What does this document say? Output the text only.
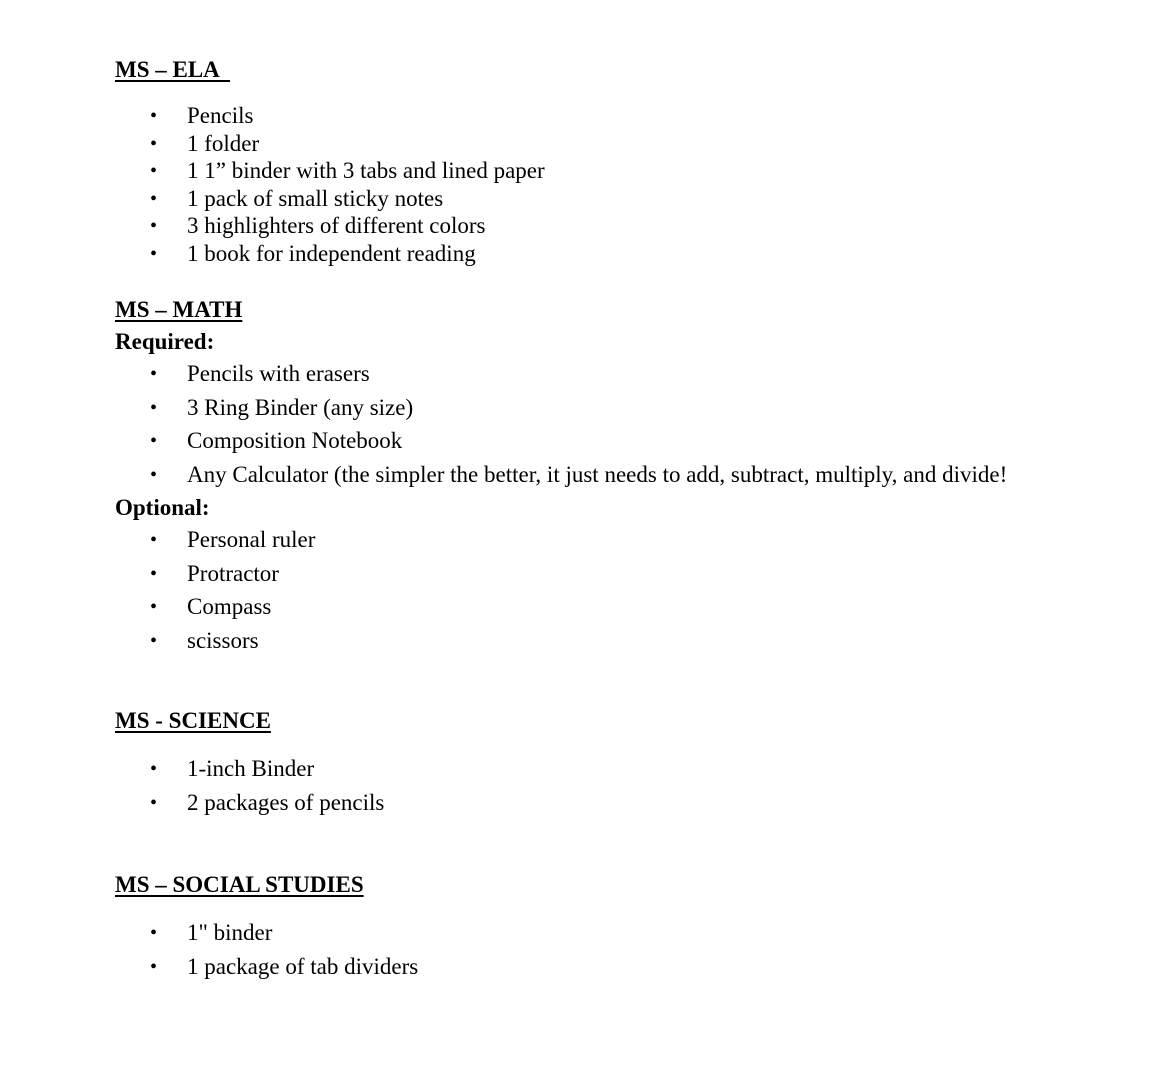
MS – ELA
• Pencils
• 1 folder
• 1 1” binder with 3 tabs and lined paper
• 1 pack of small sticky notes
• 3 highlighters of different colors
• 1 book for independent reading
MS – MATH
Required:
• Pencils with erasers
• 3 Ring Binder (any size)
• Composition Notebook
• Any Calculator (the simpler the better, it just needs to add, subtract, multiply, and divide!
Optional:
• Personal ruler
• Protractor
• Compass
• scissors
MS - SCIENCE
• 1-inch Binder
• 2 packages of pencils
MS – SOCIAL STUDIES
• 1" binder
• 1 package of tab dividers
